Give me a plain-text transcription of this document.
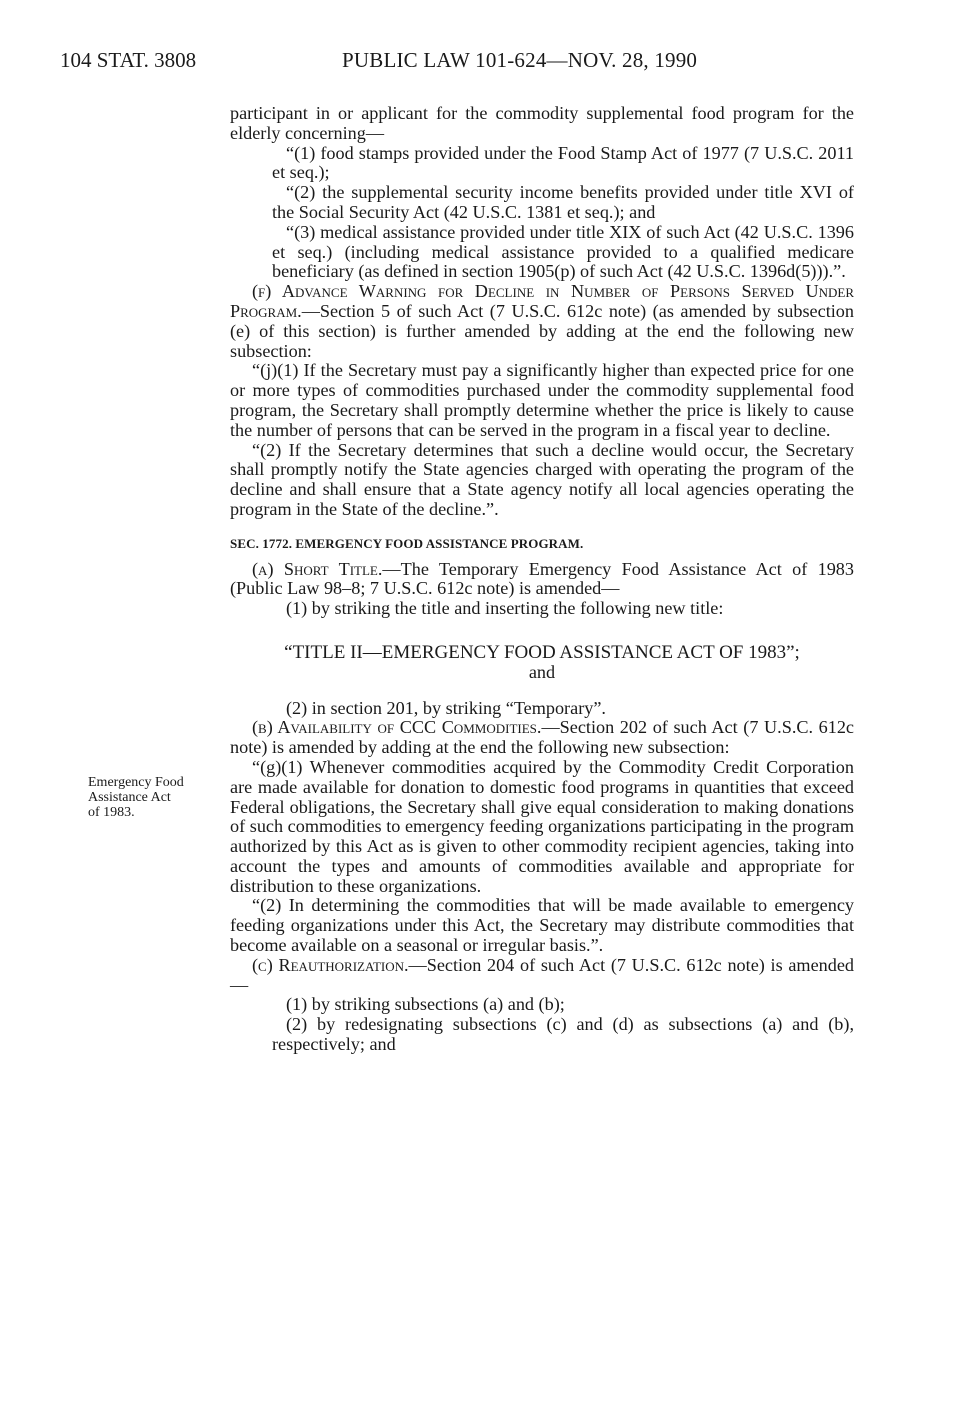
104 STAT. 3808	PUBLIC LAW 101-624—NOV. 28, 1990
Emergency Food
Assistance Act
of 1983.

participant in or applicant for the commodity supplemental food program for the elderly concerning—

“(1) food stamps provided under the Food Stamp Act of 1977 (7 U.S.C. 2011 et seq.);

“(2) the supplemental security income benefits provided under title XVI of the Social Security Act (42 U.S.C. 1381 et seq.); and

“(3) medical assistance provided under title XIX of such Act (42 U.S.C. 1396 et seq.) (including medical assistance provided to a qualified medicare beneficiary (as defined in section 1905(p) of such Act (42 U.S.C. 1396d(5))).”.

(f) Advance Warning for Decline in Number of Persons Served Under Program.—Section 5 of such Act (7 U.S.C. 612c note) (as amended by subsection (e) of this section) is further amended by adding at the end the following new subsection:

“(j)(1) If the Secretary must pay a significantly higher than expected price for one or more types of commodities purchased under the commodity supplemental food program, the Secretary shall promptly determine whether the price is likely to cause the number of persons that can be served in the program in a fiscal year to decline.

“(2) If the Secretary determines that such a decline would occur, the Secretary shall promptly notify the State agencies charged with operating the program of the decline and shall ensure that a State agency notify all local agencies operating the program in the State of the decline.”.

SEC. 1772. EMERGENCY FOOD ASSISTANCE PROGRAM.

(a) Short Title.—The Temporary Emergency Food Assistance Act of 1983 (Public Law 98–8; 7 U.S.C. 612c note) is amended—

(1) by striking the title and inserting the following new title:

“TITLE II—EMERGENCY FOOD ASSISTANCE ACT OF 1983”;

and

(2) in section 201, by striking “Temporary”.

(b) Availability of CCC Commodities.—Section 202 of such Act (7 U.S.C. 612c note) is amended by adding at the end the following new subsection:

“(g)(1) Whenever commodities acquired by the Commodity Credit Corporation are made available for donation to domestic food programs in quantities that exceed Federal obligations, the Secretary shall give equal consideration to making donations of such commodities to emergency feeding organizations participating in the program authorized by this Act as is given to other commodity recipient agencies, taking into account the types and amounts of commodities available and appropriate for distribution to these organizations.

“(2) In determining the commodities that will be made available to emergency feeding organizations under this Act, the Secretary may distribute commodities that become available on a seasonal or irregular basis.”.

(c) Reauthorization.—Section 204 of such Act (7 U.S.C. 612c note) is amended—

(1) by striking subsections (a) and (b);

(2) by redesignating subsections (c) and (d) as subsections (a) and (b), respectively; and
